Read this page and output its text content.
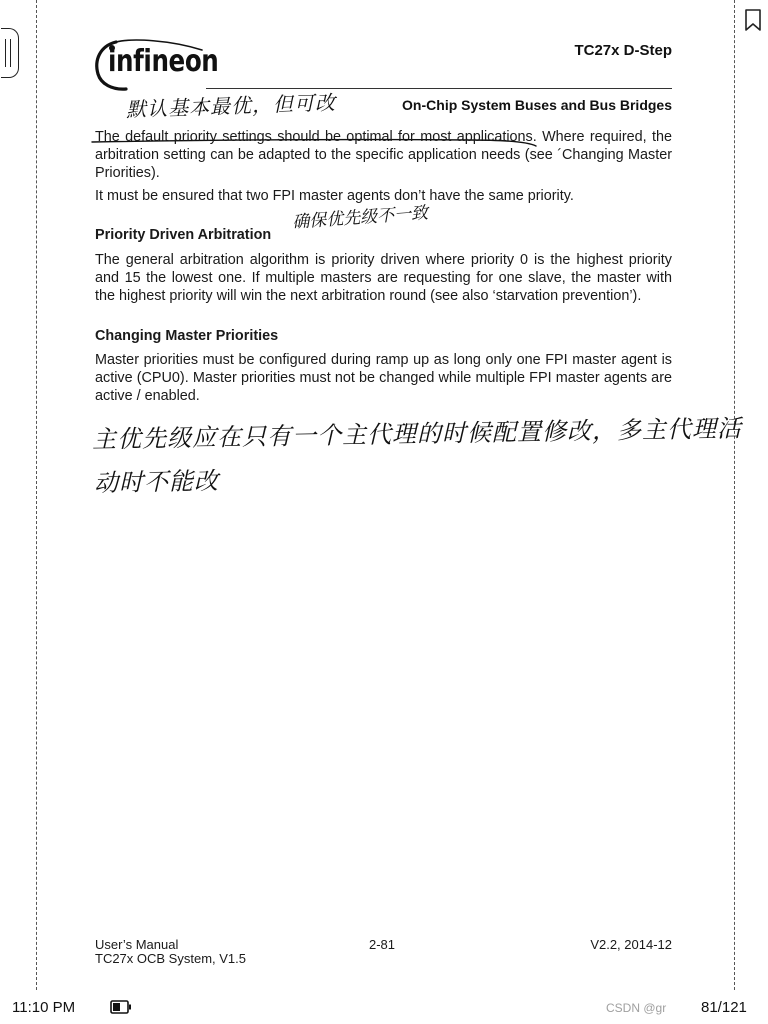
infineon	TC27x D-Step
On-Chip System Buses and Bus Bridges
默认基本最优，但可改
确保优先级不一致
主优先级应在只有一个主代理的时候配置修改，多主代理活
动时不能改

The default priority settings should be optimal for most applications. Where required, the arbitration setting can be adapted to the specific application needs (see ´Changing Master Priorities).

It must be ensured that two FPI master agents don’t have the same priority.

Priority Driven Arbitration

The general arbitration algorithm is priority driven where priority 0 is the highest priority and 15 the lowest one. If multiple masters are requesting for one slave, the master with the highest priority will win the next arbitration round (see also ‘starvation prevention’).

Changing Master Priorities

Master priorities must be configured during ramp up as long only one FPI master agent is active (CPU0). Master priorities must not be changed while multiple FPI master agents are active / enabled.

User’s Manual
TC27x OCB System, V1.5
2-81	V2.2, 2014-12
11:10 PM	CSDN @gr 81/121
